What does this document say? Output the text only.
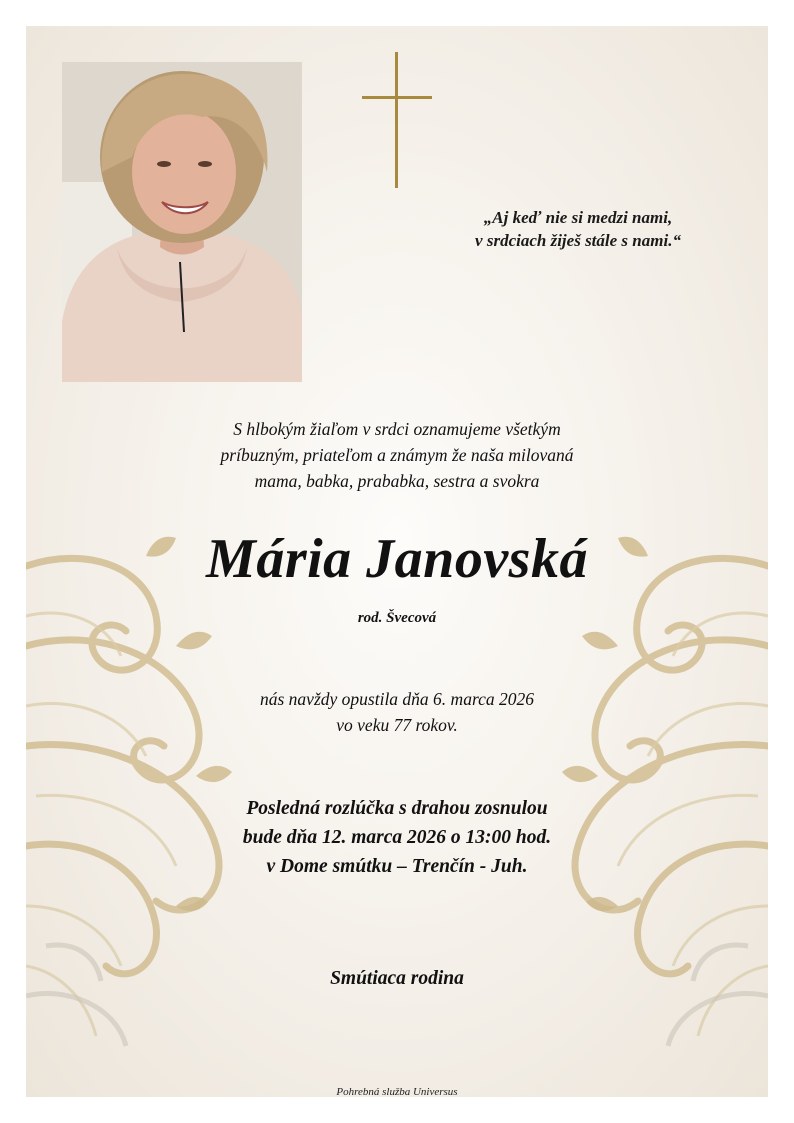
„Aj keď nie si medzi nami,
v srdciach žiješ stále s nami.“
S hlbokým žiaľom v srdci oznamujeme všetkým
príbuzným, priateľom a známym že naša milovaná
mama, babka, prababka, sestra a svokra
Mária Janovská
rod. Švecová
nás navždy opustila dňa 6. marca 2026
vo veku 77 rokov.
Posledná rozlúčka s drahou zosnulou
bude dňa 12. marca 2026 o 13:00 hod.
v Dome smútku – Trenčín - Juh.
Smútiaca rodina
Pohrebná služba Universus
